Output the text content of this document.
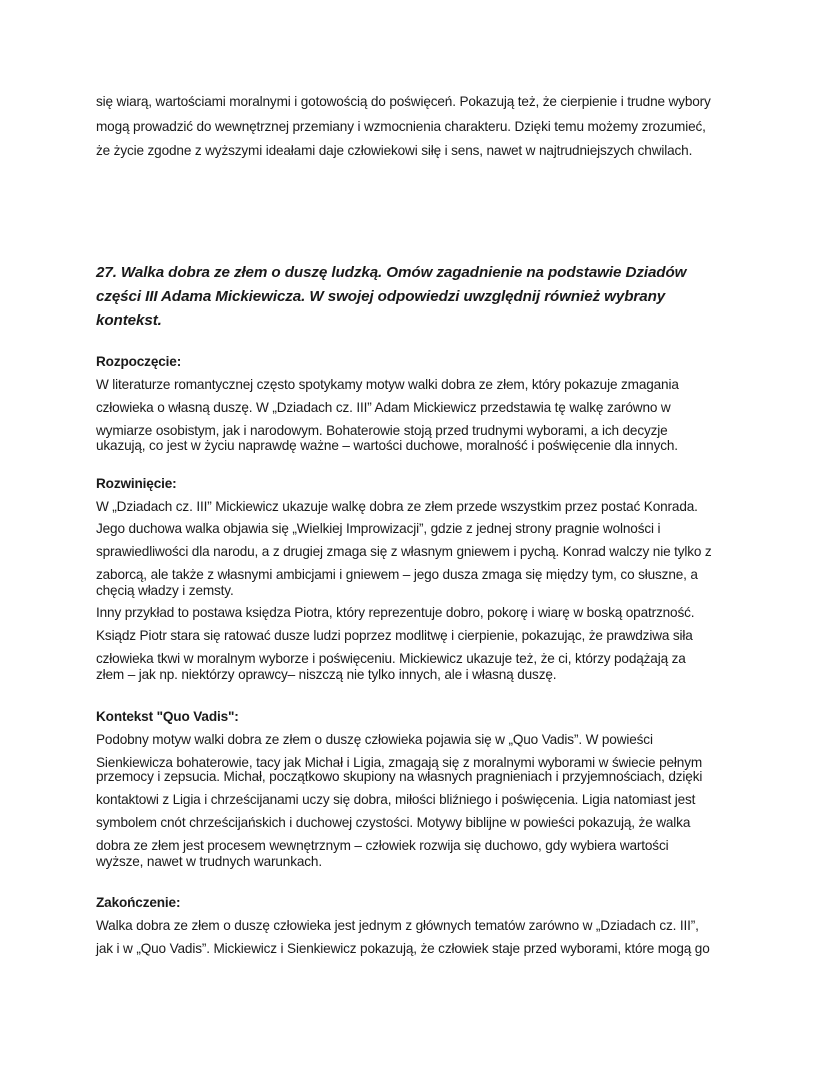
się wiarą, wartościami moralnymi i gotowością do poświęceń. Pokazują też, że cierpienie i trudne wybory
mogą prowadzić do wewnętrznej przemiany i wzmocnienia charakteru. Dzięki temu możemy zrozumieć,
że życie zgodne z wyższymi ideałami daje człowiekowi siłę i sens, nawet w najtrudniejszych chwilach.
27. Walka dobra ze złem o duszę ludzką. Omów zagadnienie na podstawie Dziadów
części III Adama Mickiewicza. W swojej odpowiedzi uwzględnij również wybrany
kontekst.
Rozpoczęcie:
W literaturze romantycznej często spotykamy motyw walki dobra ze złem, który pokazuje zmagania
człowieka o własną duszę. W „Dziadach cz. III” Adam Mickiewicz przedstawia tę walkę zarówno w
wymiarze osobistym, jak i narodowym. Bohaterowie stoją przed trudnymi wyborami, a ich decyzje
ukazują, co jest w życiu naprawdę ważne – wartości duchowe, moralność i poświęcenie dla innych.
Rozwinięcie:
W „Dziadach cz. III” Mickiewicz ukazuje walkę dobra ze złem przede wszystkim przez postać Konrada.
Jego duchowa walka objawia się „Wielkiej Improwizacji”, gdzie z jednej strony pragnie wolności i
sprawiedliwości dla narodu, a z drugiej zmaga się z własnym gniewem i pychą. Konrad walczy nie tylko z
zaborcą, ale także z własnymi ambicjami i gniewem – jego dusza zmaga się między tym, co słuszne, a
chęcią władzy i zemsty.
Inny przykład to postawa księdza Piotra, który reprezentuje dobro, pokorę i wiarę w boską opatrzność.
Ksiądz Piotr stara się ratować dusze ludzi poprzez modlitwę i cierpienie, pokazując, że prawdziwa siła
człowieka tkwi w moralnym wyborze i poświęceniu. Mickiewicz ukazuje też, że ci, którzy podążają za
złem – jak np. niektórzy oprawcy– niszczą nie tylko innych, ale i własną duszę.
Kontekst "Quo Vadis":
Podobny motyw walki dobra ze złem o duszę człowieka pojawia się w „Quo Vadis”. W powieści
Sienkiewicza bohaterowie, tacy jak Michał i Ligia, zmagają się z moralnymi wyborami w świecie pełnym
przemocy i zepsucia. Michał, początkowo skupiony na własnych pragnieniach i przyjemnościach, dzięki
kontaktowi z Ligia i chrześcijanami uczy się dobra, miłości bliźniego i poświęcenia. Ligia natomiast jest
symbolem cnót chrześcijańskich i duchowej czystości. Motywy biblijne w powieści pokazują, że walka
dobra ze złem jest procesem wewnętrznym – człowiek rozwija się duchowo, gdy wybiera wartości
wyższe, nawet w trudnych warunkach.
Zakończenie:
Walka dobra ze złem o duszę człowieka jest jednym z głównych tematów zarówno w „Dziadach cz. III”,
jak i w „Quo Vadis”. Mickiewicz i Sienkiewicz pokazują, że człowiek staje przed wyborami, które mogą go
